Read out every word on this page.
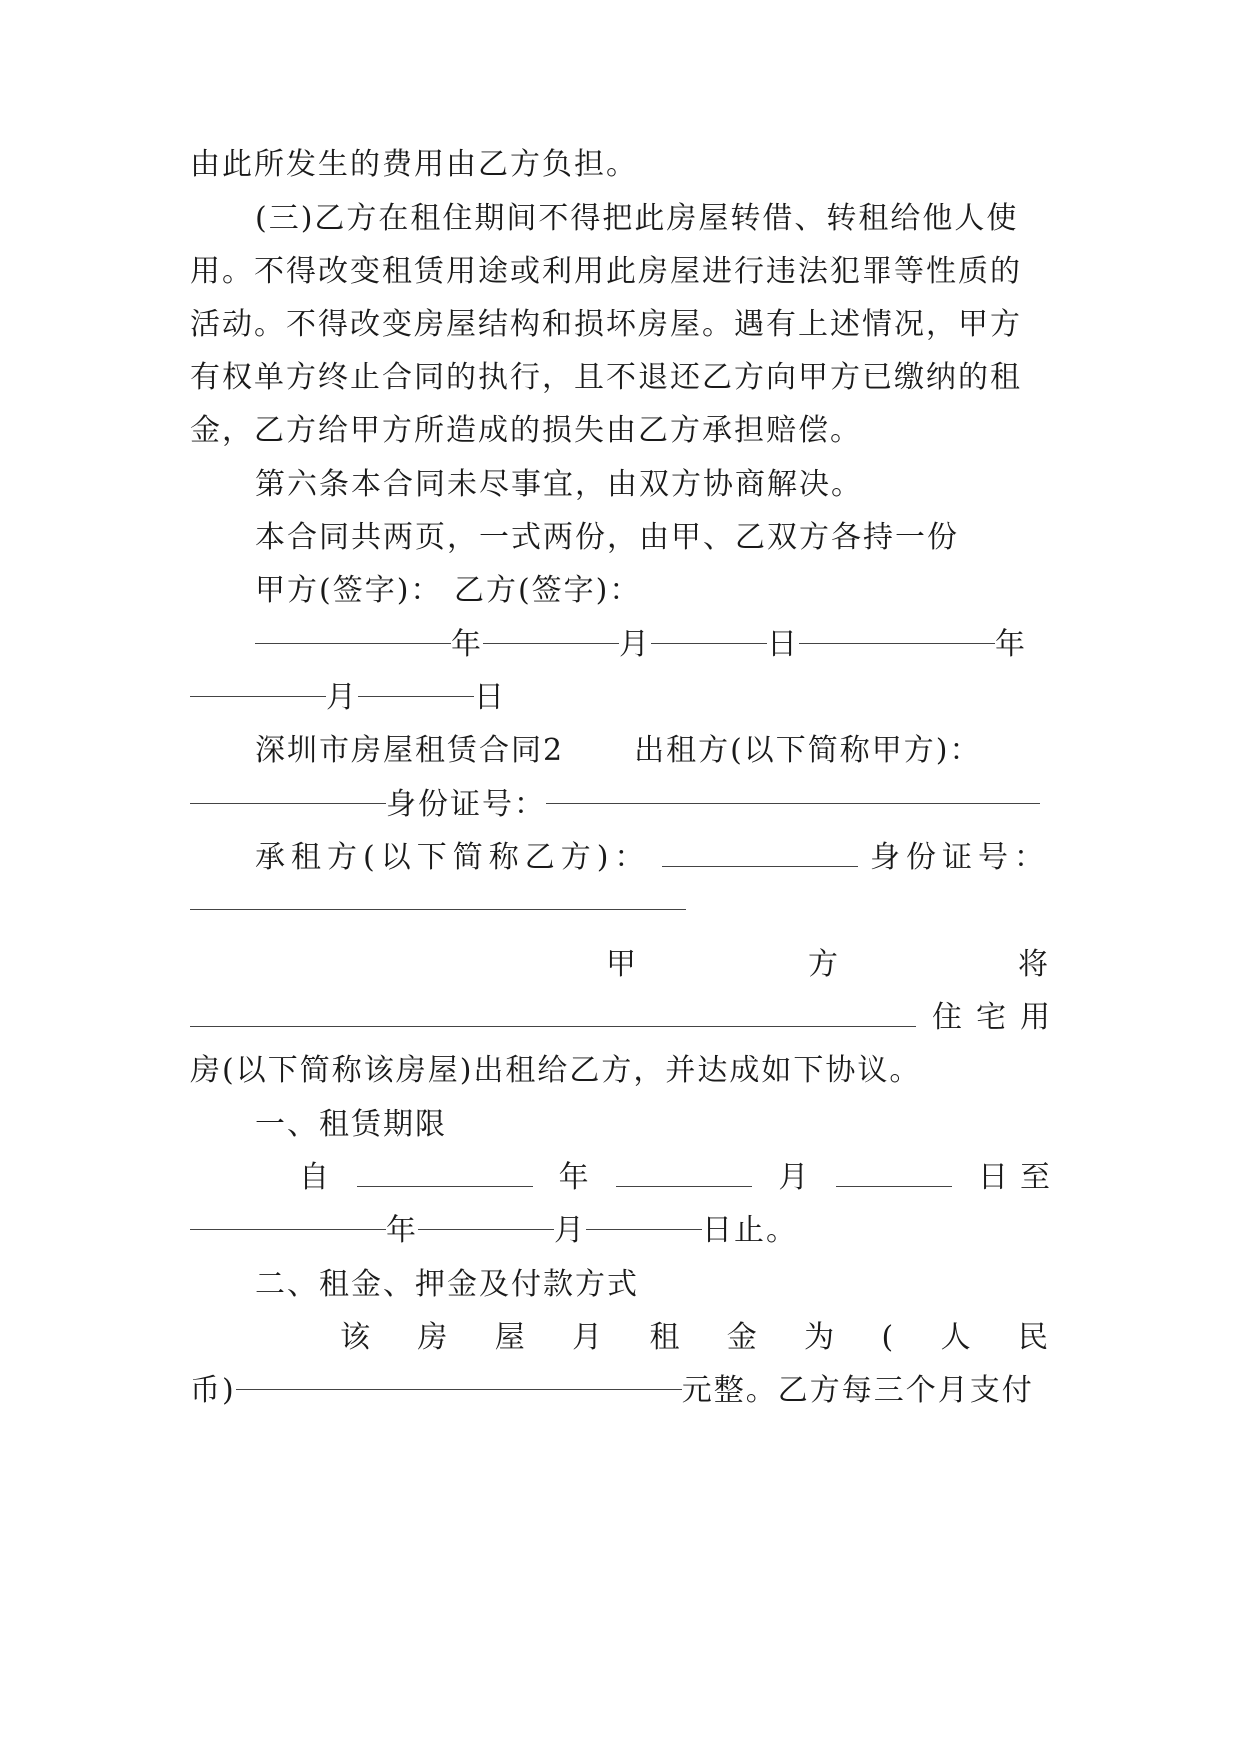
由此所发生的费用由乙方负担。
(三)乙方在租住期间不得把此房屋转借、转租给他人使
用。不得改变租赁用途或利用此房屋进行违法犯罪等性质的
活动。不得改变房屋结构和损坏房屋。遇有上述情况，甲方
有权单方终止合同的执行，且不退还乙方向甲方已缴纳的租
金，乙方给甲方所造成的损失由乙方承担赔偿。
第六条本合同未尽事宜，由双方协商解决。
本合同共两页，一式两份，由甲、乙双方各持一份
甲方(签字)： 乙方(签字)：
年	月	日	年
月	日
深圳市房屋租赁合同2 出租方(以下简称甲方)：
身份证号：
承租方(以下简称乙方)：	身份证号：
甲	方	将
住宅用
房(以下简称该房屋)出租给乙方，并达成如下协议。
一、租赁期限
自	年	月	日至
年	月	日止。
二、租金、押金及付款方式
该 房 屋 月 租 金 为 ( 人 民
币)	元整。乙方每三个月支付
